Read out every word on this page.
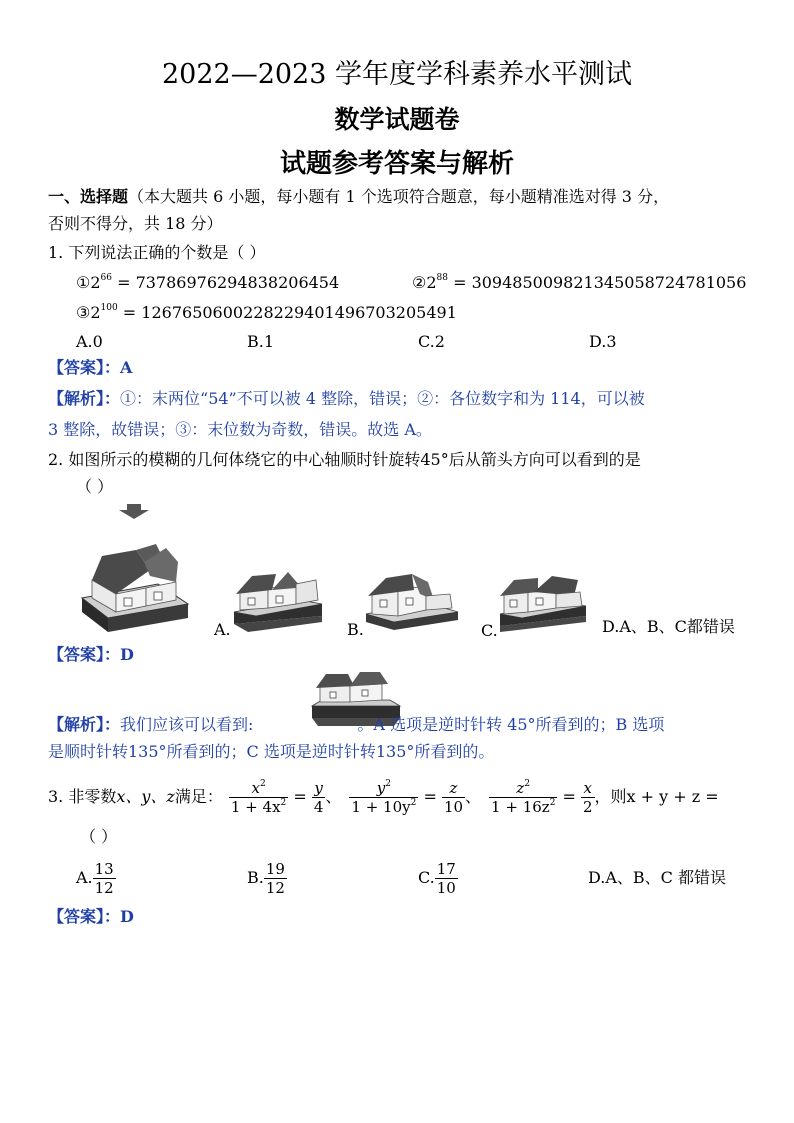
2022—2023 学年度学科素养水平测试
数学试题卷
试题参考答案与解析
一、选择题（本大题共 6 小题，每小题有 1 个选项符合题意，每小题精准选对得 3 分，
否则不得分，共 18 分）
1. 下列说法正确的个数是（ ）
$①2^{66} = 73786976294838206454$	$②2^{88} = 309485009821345058724781056$
$③2^{100} = 1267650600228229401496703205491$
A.0	B.1	C.2	D.3
【答案】：A
【解析】：①：末两位“54”不可以被 4 整除，错误；②：各位数字和为 114，可以被
3 整除，故错误；③：末位数为奇数，错误。故选 A。
2. 如图所示的模糊的几何体绕它的中心轴顺时针旋转45°后从箭头方向可以看到的是
（ ）
A.	B.	C.	D.A、B、C都错误
【答案】：D
【解析】：我们应该可以看到:	。A 选项是逆时针转 45°所看到的；B 选项
是顺时针转135°所看到的；C 选项是逆时针转135°所看到的。
3. 非零数 x、y、z 满足： $\frac{x^2}{1 + 4x^2} = \frac{y}{4}$ 、 $\frac{y^2}{1 + 10y^2} = \frac{z}{10}$ 、 $\frac{z^2}{1 + 16z^2} = \frac{x}{2}$ ，则x + y + z =
（ ）
A. $\frac{13}{12}$	B. $\frac{19}{12}$	C. $\frac{17}{10}$	D.A、B、C 都错误
【答案】：D
